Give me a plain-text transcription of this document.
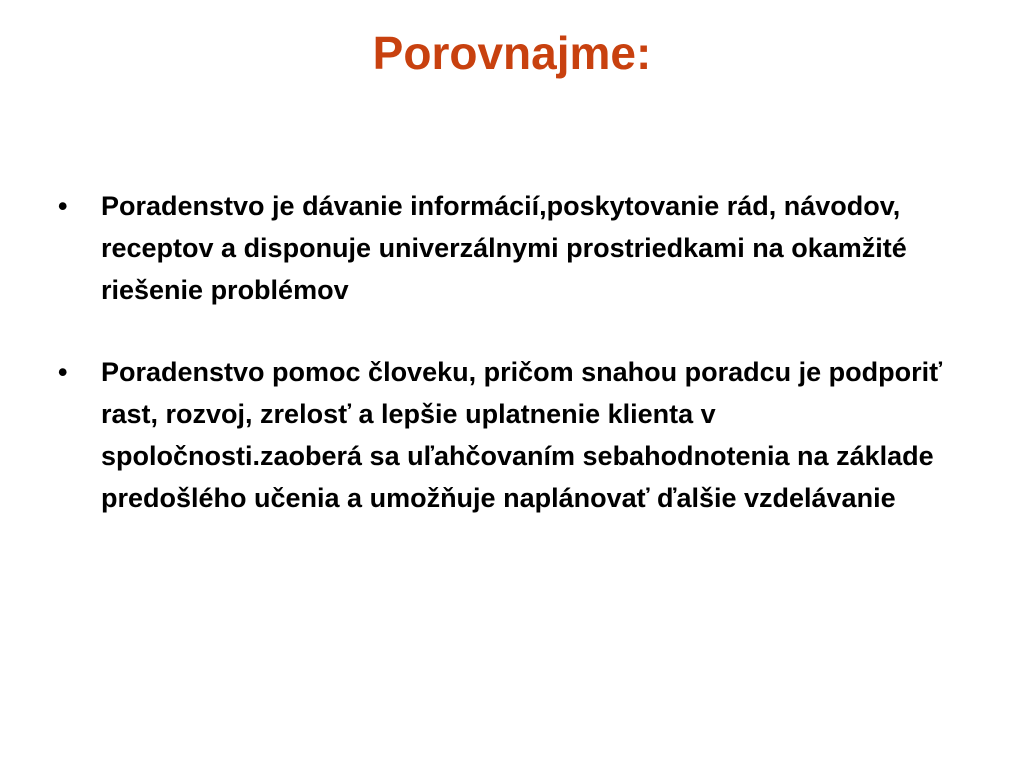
Porovnajme:
• Poradenstvo je dávanie informácií,poskytovanie rád, návodov, receptov a disponuje univerzálnymi prostriedkami na okamžité riešenie problémov
• Poradenstvo pomoc človeku, pričom snahou poradcu je podporiť rast, rozvoj, zrelosť a lepšie uplatnenie klienta v spoločnosti.zaoberá sa uľahčovaním sebahodnotenia na základe predošlého učenia a umožňuje naplánovať ďalšie vzdelávanie
